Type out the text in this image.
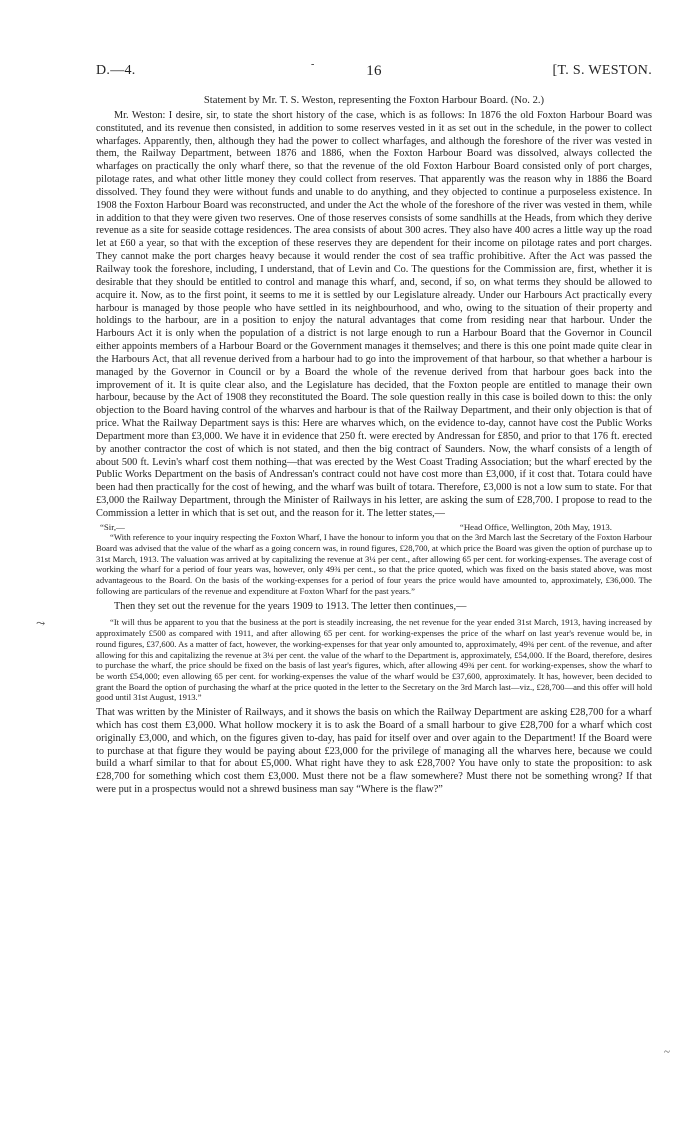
D.—4.	-	16	[T. S. WESTON.

Statement by Mr. T. S. Weston, representing the Foxton Harbour Board. (No. 2.)

Mr. Weston: I desire, sir, to state the short history of the case, which is as follows: In 1876 the old Foxton Harbour Board was constituted, and its revenue then consisted, in addition to some reserves vested in it as set out in the schedule, in the power to collect wharfages. Apparently, then, although they had the power to collect wharfages, and although the foreshore of the river was vested in them, the Railway Department, between 1876 and 1886, when the Foxton Harbour Board was dissolved, always collected the wharfages on practically the only wharf there, so that the revenue of the old Foxton Harbour Board consisted only of port charges, pilotage rates, and what other little money they could collect from reserves. That apparently was the reason why in 1886 the Board dissolved. They found they were without funds and unable to do anything, and they objected to continue a purposeless existence. In 1908 the Foxton Harbour Board was reconstructed, and under the Act the whole of the foreshore of the river was vested in them, while in addition to that they were given two reserves. One of those reserves consists of some sandhills at the Heads, from which they derive revenue as a site for seaside cottage residences. The area consists of about 300 acres. They also have 400 acres a little way up the road let at £60 a year, so that with the exception of these reserves they are dependent for their income on pilotage rates and port charges. They cannot make the port charges heavy because it would render the cost of sea traffic prohibitive. After the Act was passed the Railway took the foreshore, including, I understand, that of Levin and Co. The questions for the Commission are, first, whether it is desirable that they should be entitled to control and manage this wharf, and, second, if so, on what terms they should be allowed to acquire it. Now, as to the first point, it seems to me it is settled by our Legislature already. Under our Harbours Act practically every harbour is managed by those people who have settled in its neighbourhood, and who, owing to the situation of their property and holdings to the harbour, are in a position to enjoy the natural advantages that come from residing near that harbour. Under the Harbours Act it is only when the population of a district is not large enough to run a Harbour Board that the Governor in Council either appoints members of a Harbour Board or the Government manages it themselves; and there is this one point made quite clear in the Harbours Act, that all revenue derived from a harbour had to go into the improvement of that harbour, so that whether a harbour is managed by the Governor in Council or by a Board the whole of the revenue derived from that harbour goes back into the improvement of it. It is quite clear also, and the Legislature has decided, that the Foxton people are entitled to manage their own harbour, because by the Act of 1908 they reconstituted the Board. The sole question really in this case is boiled down to this: the only objection to the Board having control of the wharves and harbour is that of the Railway Department, and their only objection is that of price. What the Railway Department says is this: Here are wharves which, on the evidence to-day, cannot have cost the Public Works Department more than £3,000. We have it in evidence that 250 ft. were erected by Andressan for £850, and prior to that 176 ft. erected by another contractor the cost of which is not stated, and then the big contract of Saunders. Now, the wharf consists of a length of about 500 ft. Levin's wharf cost them nothing—that was erected by the West Coast Trading Association; but the wharf erected by the Public Works Department on the basis of Andressan's contract could not have cost more than £3,000, if it cost that. Totara could have been had then practically for the cost of hewing, and the wharf was built of totara. Therefore, £3,000 is not a low sum to state. For that £3,000 the Railway Department, through the Minister of Railways in his letter, are asking the sum of £28,700. I propose to read to the Commission a letter in which that is set out, and the reason for it. The letter states,—

“Sir,—	“Head Office, Wellington, 20th May, 1913.

“With reference to your inquiry respecting the Foxton Wharf, I have the honour to inform you that on the 3rd March last the Secretary of the Foxton Harbour Board was advised that the value of the wharf as a going concern was, in round figures, £28,700, at which price the Board was given the option of purchase up to 31st March, 1913. The valuation was arrived at by capitalizing the revenue at 3¼ per cent., after allowing 65 per cent. for working-expenses. The average cost of working the wharf for a period of four years was, however, only 49¾ per cent., so that the price quoted, which was fixed on the basis stated above, was most advantageous to the Board. On the basis of the working-expenses for a period of four years the price would have amounted to, approximately, £36,000. The following are particulars of the revenue and expenditure at Foxton Wharf for the past years.”

Then they set out the revenue for the years 1909 to 1913. The letter then continues,—

“It will thus be apparent to you that the business at the port is steadily increasing, the net revenue for the year ended 31st March, 1913, having increased by approximately £500 as compared with 1911, and after allowing 65 per cent. for working-expenses the price of the wharf on last year's revenue would be, in round figures, £37,600. As a matter of fact, however, the working-expenses for that year only amounted to, approximately, 49¾ per cent. of the revenue, and after allowing for this and capitalizing the revenue at 3¼ per cent. the value of the wharf to the Department is, approximately, £54,000. If the Board, therefore, desires to purchase the wharf, the price should be fixed on the basis of last year's figures, which, after allowing 49¾ per cent. for working-expenses, show the wharf to be worth £54,000; even allowing 65 per cent. for working-expenses the value of the wharf would be £37,600, approximately. It has, however, been decided to grant the Board the option of purchasing the wharf at the price quoted in the letter to the Secretary on the 3rd March last—viz., £28,700—and this offer will hold good until 31st August, 1913.”

That was written by the Minister of Railways, and it shows the basis on which the Railway Department are asking £28,700 for a wharf which has cost them £3,000. What hollow mockery it is to ask the Board of a small harbour to give £28,700 for a wharf which cost originally £3,000, and which, on the figures given to-day, has paid for itself over and over again to the Department! If the Board were to purchase at that figure they would be paying about £23,000 for the privilege of managing all the wharves here, because we could build a wharf similar to that for about £5,000. What right have they to ask £28,700? You have only to state the proposition: to ask £28,700 for something which cost them £3,000. Must there not be a flaw somewhere? Must there not be something wrong? If that were put in a prospectus would not a shrewd business man say “Where is the flaw?”

⤳
~
